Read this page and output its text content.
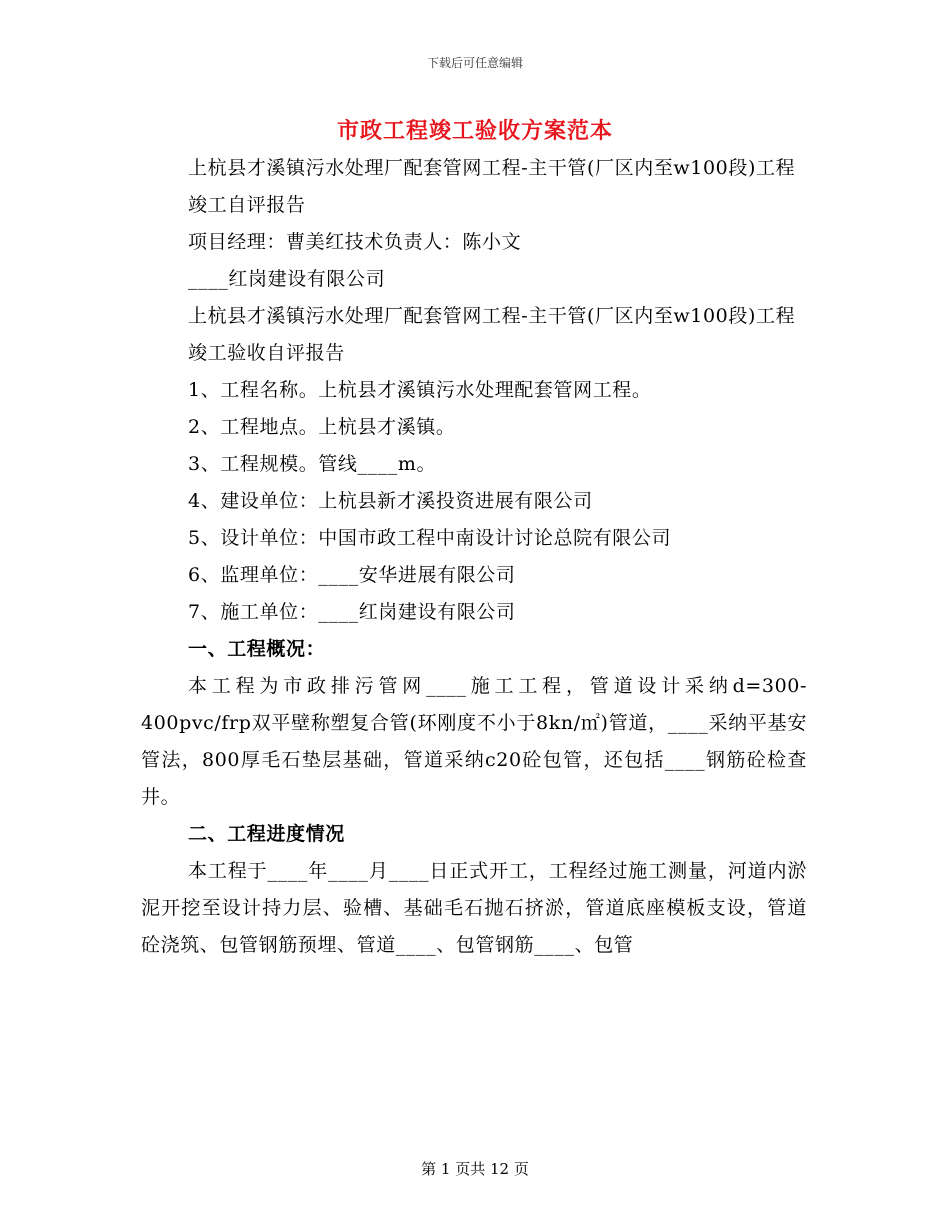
下载后可任意编辑
市政工程竣工验收方案范本

上杭县才溪镇污水处理厂配套管网工程-主干管(厂区内至w100段)工程

竣工自评报告

项目经理：曹美红技术负责人：陈小文

____红岗建设有限公司

上杭县才溪镇污水处理厂配套管网工程-主干管(厂区内至w100段)工程

竣工验收自评报告

1、工程名称。上杭县才溪镇污水处理配套管网工程。

2、工程地点。上杭县才溪镇。

3、工程规模。管线____m。

4、建设单位：上杭县新才溪投资进展有限公司

5、设计单位：中国市政工程中南设计讨论总院有限公司

6、监理单位：____安华进展有限公司

7、施工单位：____红岗建设有限公司

一、工程概况：

本工程为市政排污管网____施工工程，管道设计采纳d=300-400pvc/frp双平壁称塑复合管(环刚度不小于8kn/㎡)管道，____采纳平基安管法，800厚毛石垫层基础，管道采纳c20砼包管，还包括____钢筋砼检查井。

二、工程进度情况

本工程于____年____月____日正式开工，工程经过施工测量，河道内淤泥开挖至设计持力层、验槽、基础毛石抛石挤淤，管道底座模板支设，管道砼浇筑、包管钢筋预埋、管道____、包管钢筋____、包管

第 1 页共 12 页
